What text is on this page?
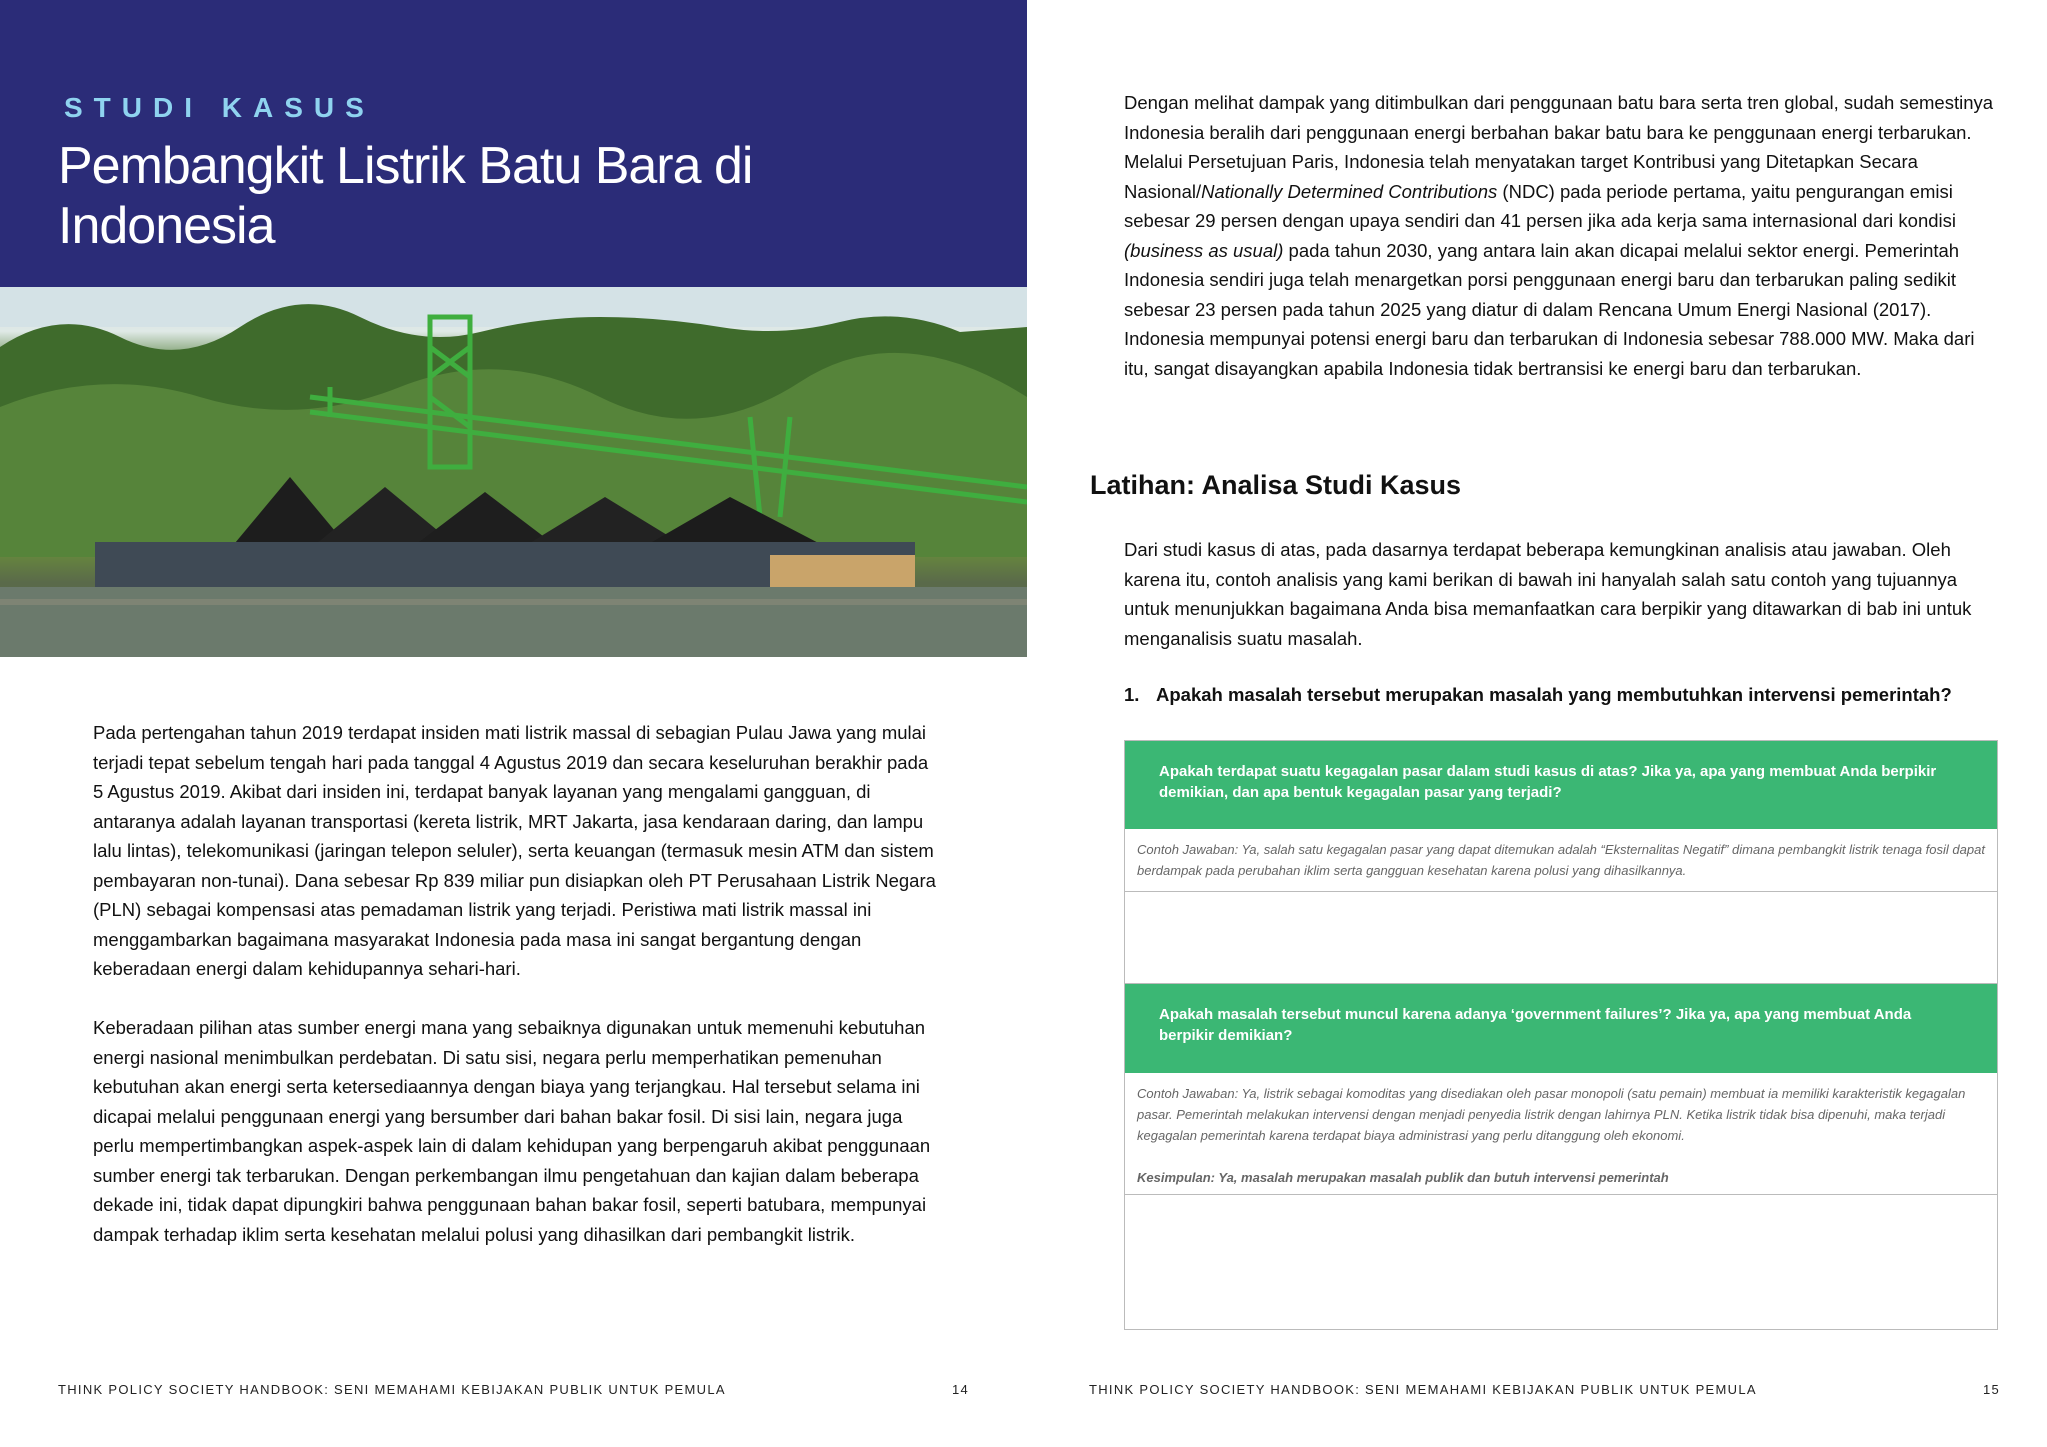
STUDI KASUS
Pembangkit Listrik Batu Bara di Indonesia

Pada pertengahan tahun 2019 terdapat insiden mati listrik massal di sebagian Pulau Jawa yang mulai terjadi tepat sebelum tengah hari pada tanggal 4 Agustus 2019 dan secara keseluruhan berakhir pada 5 Agustus 2019. Akibat dari insiden ini, terdapat banyak layanan yang mengalami gangguan, di antaranya adalah layanan transportasi (kereta listrik, MRT Jakarta, jasa kendaraan daring, dan lampu lalu lintas), telekomunikasi (jaringan telepon seluler), serta keuangan (termasuk mesin ATM dan sistem pembayaran non-tunai). Dana sebesar Rp 839 miliar pun disiapkan oleh PT Perusahaan Listrik Negara (PLN) sebagai kompensasi atas pemadaman listrik yang terjadi. Peristiwa mati listrik massal ini menggambarkan bagaimana masyarakat Indonesia pada masa ini sangat bergantung dengan keberadaan energi dalam kehidupannya sehari-hari.

Keberadaan pilihan atas sumber energi mana yang sebaiknya digunakan untuk memenuhi kebutuhan energi nasional menimbulkan perdebatan. Di satu sisi, negara perlu memperhatikan pemenuhan kebutuhan akan energi serta ketersediaannya dengan biaya yang terjangkau. Hal tersebut selama ini dicapai melalui penggunaan energi yang bersumber dari bahan bakar fosil. Di sisi lain, negara juga perlu mempertimbangkan aspek-aspek lain di dalam kehidupan yang berpengaruh akibat penggunaan sumber energi tak terbarukan. Dengan perkembangan ilmu pengetahuan dan kajian dalam beberapa dekade ini, tidak dapat dipungkiri bahwa penggunaan bahan bakar fosil, seperti batubara, mempunyai dampak terhadap iklim serta kesehatan melalui polusi yang dihasilkan dari pembangkit listrik.

THINK POLICY SOCIETY HANDBOOK: SENI MEMAHAMI KEBIJAKAN PUBLIK UNTUK PEMULA	14

Dengan melihat dampak yang ditimbulkan dari penggunaan batu bara serta tren global, sudah semestinya Indonesia beralih dari penggunaan energi berbahan bakar batu bara ke penggunaan energi terbarukan. Melalui Persetujuan Paris, Indonesia telah menyatakan target Kontribusi yang Ditetapkan Secara Nasional/Nationally Determined Contributions (NDC) pada periode pertama, yaitu pengurangan emisi sebesar 29 persen dengan upaya sendiri dan 41 persen jika ada kerja sama internasional dari kondisi (business as usual) pada tahun 2030, yang antara lain akan dicapai melalui sektor energi. Pemerintah Indonesia sendiri juga telah menargetkan porsi penggunaan energi baru dan terbarukan paling sedikit sebesar 23 persen pada tahun 2025 yang diatur di dalam Rencana Umum Energi Nasional (2017). Indonesia mempunyai potensi energi baru dan terbarukan di Indonesia sebesar 788.000 MW. Maka dari itu, sangat disayangkan apabila Indonesia tidak bertransisi ke energi baru dan terbarukan.

Latihan: Analisa Studi Kasus
Dari studi kasus di atas, pada dasarnya terdapat beberapa kemungkinan analisis atau jawaban. Oleh karena itu, contoh analisis yang kami berikan di bawah ini hanyalah salah satu contoh yang tujuannya untuk menunjukkan bagaimana Anda bisa memanfaatkan cara berpikir yang ditawarkan di bab ini untuk menganalisis suatu masalah.
1. Apakah masalah tersebut merupakan masalah yang membutuhkan intervensi pemerintah?
Apakah terdapat suatu kegagalan pasar dalam studi kasus di atas? Jika ya, apa yang membuat Anda berpikir demikian, dan apa bentuk kegagalan pasar yang terjadi?
Contoh Jawaban: Ya, salah satu kegagalan pasar yang dapat ditemukan adalah “Eksternalitas Negatif” dimana pembangkit listrik tenaga fosil dapat berdampak pada perubahan iklim serta gangguan kesehatan karena polusi yang dihasilkannya.
Apakah masalah tersebut muncul karena adanya ‘government failures’? Jika ya, apa yang membuat Anda berpikir demikian?
Contoh Jawaban: Ya, listrik sebagai komoditas yang disediakan oleh pasar monopoli (satu pemain) membuat ia memiliki karakteristik kegagalan pasar. Pemerintah melakukan intervensi dengan menjadi penyedia listrik dengan lahirnya PLN. Ketika listrik tidak bisa dipenuhi, maka terjadi kegagalan pemerintah karena terdapat biaya administrasi yang perlu ditanggung oleh ekonomi.
Kesimpulan: Ya, masalah merupakan masalah publik dan butuh intervensi pemerintah
THINK POLICY SOCIETY HANDBOOK: SENI MEMAHAMI KEBIJAKAN PUBLIK UNTUK PEMULA	15
